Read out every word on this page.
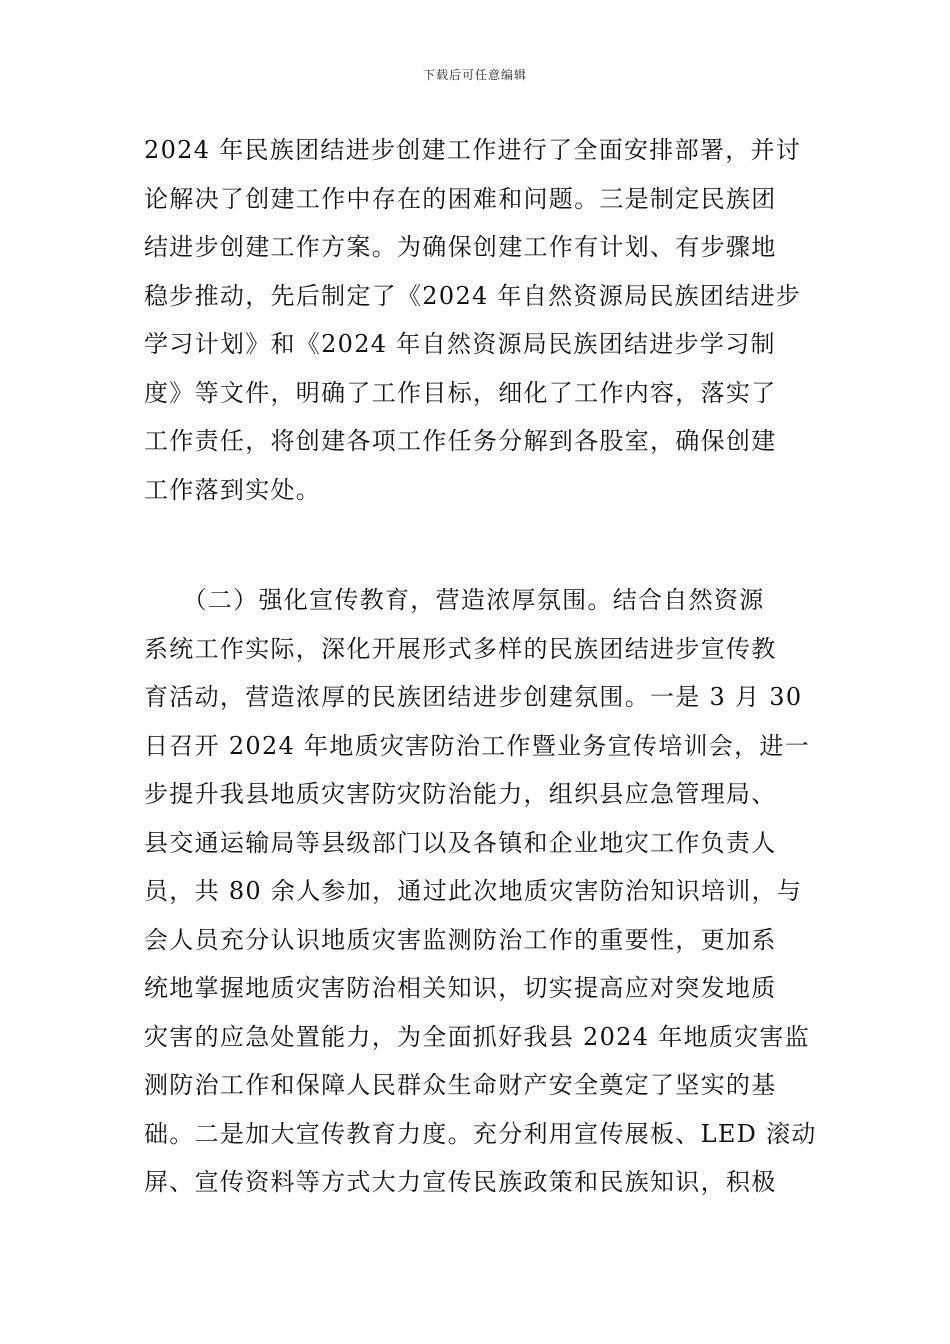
下载后可任意编辑
2024 年民族团结进步创建工作进行了全面安排部署，并讨
论解决了创建工作中存在的困难和问题。三是制定民族团
结进步创建工作方案。为确保创建工作有计划、有步骤地
稳步推动，先后制定了《2024 年自然资源局民族团结进步
学习计划》和《2024 年自然资源局民族团结进步学习制
度》等文件，明确了工作目标，细化了工作内容，落实了
工作责任，将创建各项工作任务分解到各股室，确保创建
工作落到实处。
　　（二）强化宣传教育，营造浓厚氛围。结合自然资源
系统工作实际，深化开展形式多样的民族团结进步宣传教
育活动，营造浓厚的民族团结进步创建氛围。一是 3 月 30
日召开 2024 年地质灾害防治工作暨业务宣传培训会，进一
步提升我县地质灾害防灾防治能力，组织县应急管理局、
县交通运输局等县级部门以及各镇和企业地灾工作负责人
员，共 80 余人参加，通过此次地质灾害防治知识培训，与
会人员充分认识地质灾害监测防治工作的重要性，更加系
统地掌握地质灾害防治相关知识，切实提高应对突发地质
灾害的应急处置能力，为全面抓好我县 2024 年地质灾害监
测防治工作和保障人民群众生命财产安全奠定了坚实的基
础。二是加大宣传教育力度。充分利用宣传展板、LED 滚动
屏、宣传资料等方式大力宣传民族政策和民族知识，积极
